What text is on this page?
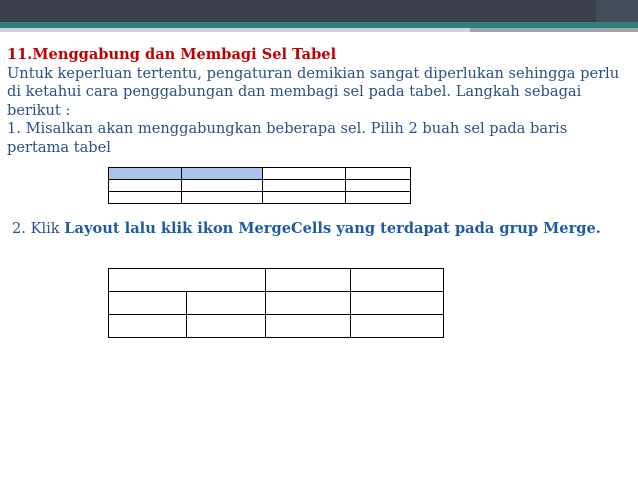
11.Menggabung dan Membagi Sel Tabel

Untuk keperluan tertentu, pengaturan demikian sangat diperlukan sehingga perlu di ketahui cara penggabungan dan membagi sel pada tabel. Langkah sebagai berikut :

1. Misalkan akan menggabungkan beberapa sel. Pilih 2 buah sel pada baris pertama tabel

2. Klik Layout lalu klik ikon MergeCells yang terdapat pada grup Merge.
